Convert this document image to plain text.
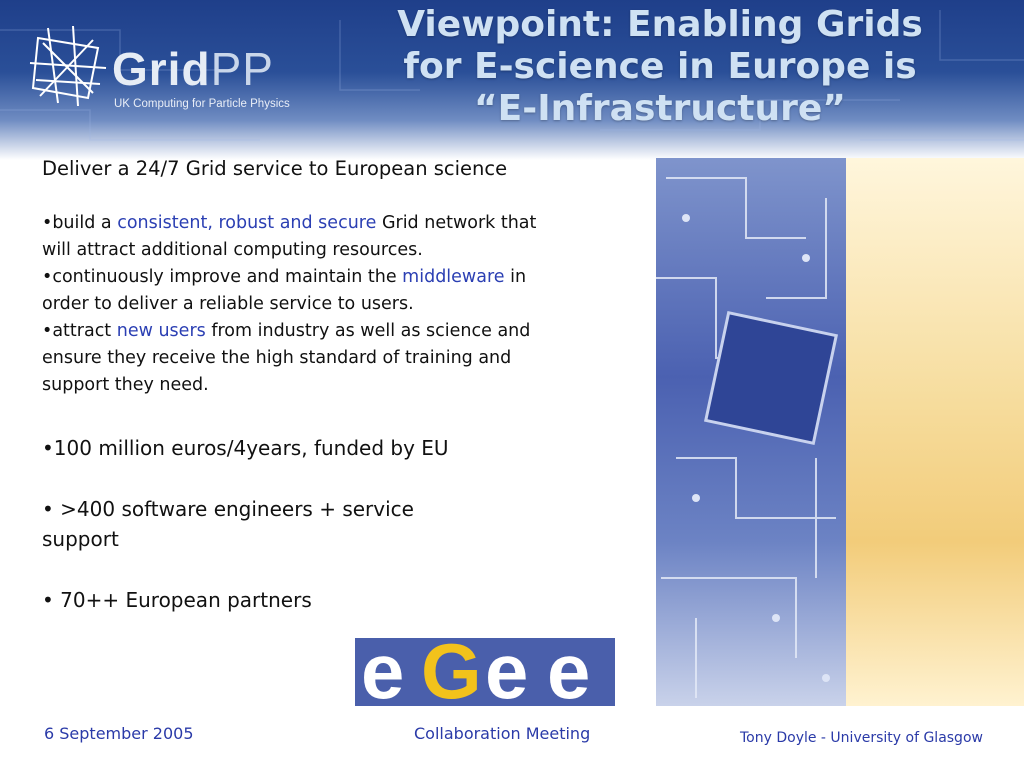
GridPP
UK Computing for Particle Physics
Viewpoint: Enabling Grids
for E-science in Europe is
“E-Infrastructure”

Deliver a 24/7 Grid service to European science

•build a consistent, robust and secure Grid network that will attract additional computing resources.

•continuously improve and maintain the middleware in order to deliver a reliable service to users.

•attract new users from industry as well as science and ensure they receive the high standard of training and support they need.

•100 million euros/4years, funded by EU

• >400 software engineers + service support

• 70++ European partners

e G e e
6 September 2005	Collaboration Meeting	Tony Doyle - University of Glasgow
